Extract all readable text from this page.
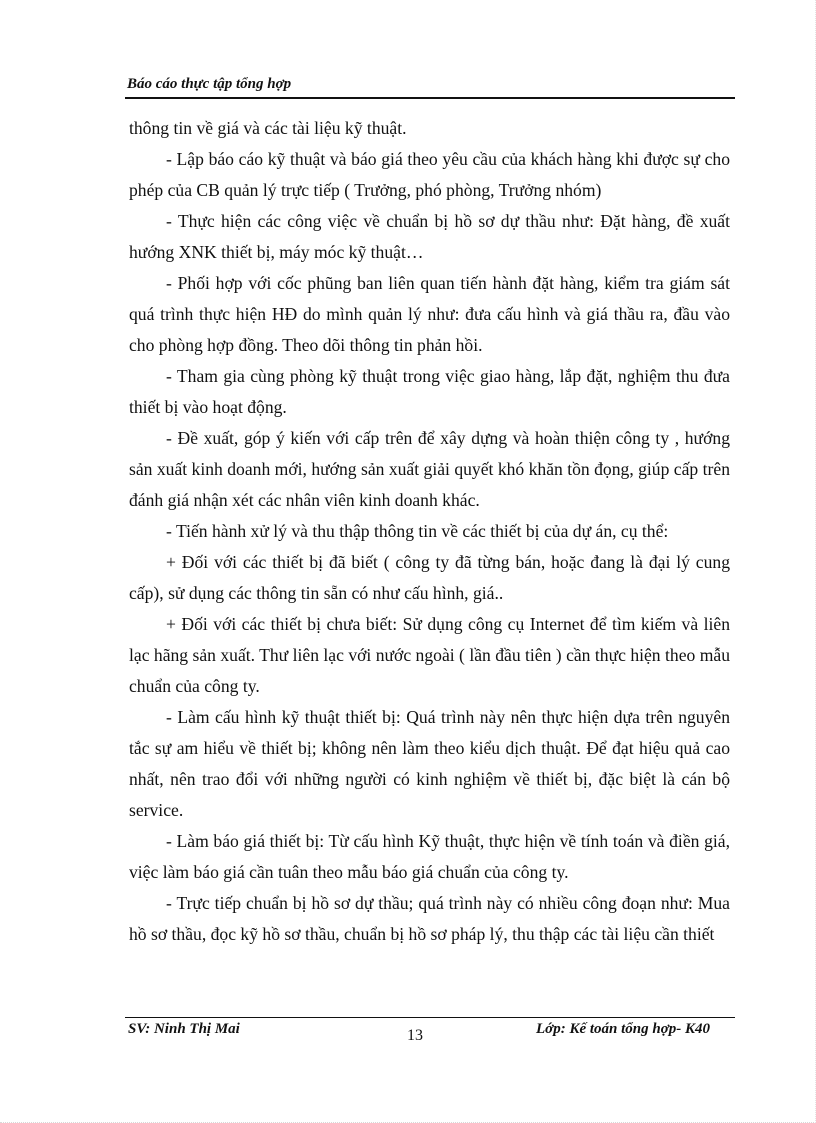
Báo cáo thực tập tổng hợp

thông tin về giá và các tài liệu kỹ thuật.

- Lập báo cáo kỹ thuật và báo giá theo yêu cầu của khách hàng khi được sự cho phép của CB quản lý trực tiếp ( Trưởng, phó phòng, Trưởng nhóm)

- Thực hiện các công việc về chuẩn bị hồ sơ dự thầu như: Đặt hàng, đề xuất hướng XNK thiết bị, máy móc kỹ thuật…

- Phối hợp với cốc phũng ban liên quan tiến hành đặt hàng, kiểm tra giám sát quá trình thực hiện HĐ do mình quản lý như: đưa cấu hình và giá thầu ra, đầu vào cho phòng hợp đồng. Theo dõi thông tin phản hồi.

- Tham gia cùng phòng kỹ thuật trong việc giao hàng, lắp đặt, nghiệm thu đưa thiết bị vào hoạt động.

- Đề xuất, góp ý kiến với cấp trên để xây dựng và hoàn thiện công ty , hướng sản xuất kinh doanh mới, hướng sản xuất giải quyết khó khăn tồn đọng, giúp cấp trên đánh giá nhận xét các nhân viên kinh doanh khác.

- Tiến hành xử lý và thu thập thông tin về các thiết bị của dự án, cụ thể:

+ Đối với các thiết bị đã biết ( công ty đã từng bán, hoặc đang là đại lý cung cấp), sử dụng các thông tin sẵn có như cấu hình, giá..

+ Đối với các thiết bị chưa biết: Sử dụng công cụ Internet để tìm kiếm và liên lạc hãng sản xuất. Thư liên lạc với nước ngoài ( lần đầu tiên ) cần thực hiện theo mẫu chuẩn của công ty.

- Làm cấu hình kỹ thuật thiết bị: Quá trình này nên thực hiện dựa trên nguyên tắc sự am hiểu về thiết bị; không nên làm theo kiểu dịch thuật. Để đạt hiệu quả cao nhất, nên trao đổi với những người có kinh nghiệm về thiết bị, đặc biệt là cán bộ service.

- Làm báo giá thiết bị: Từ cấu hình Kỹ thuật, thực hiện về tính toán và điền giá, việc làm báo giá cần tuân theo mẫu báo giá chuẩn của công ty.

- Trực tiếp chuẩn bị hồ sơ dự thầu; quá trình này có nhiều công đoạn như: Mua hồ sơ thầu, đọc kỹ hồ sơ thầu, chuẩn bị hồ sơ pháp lý, thu thập các tài liệu cần thiết

SV: Ninh Thị Mai	13	Lớp: Kế toán tổng hợp- K40
